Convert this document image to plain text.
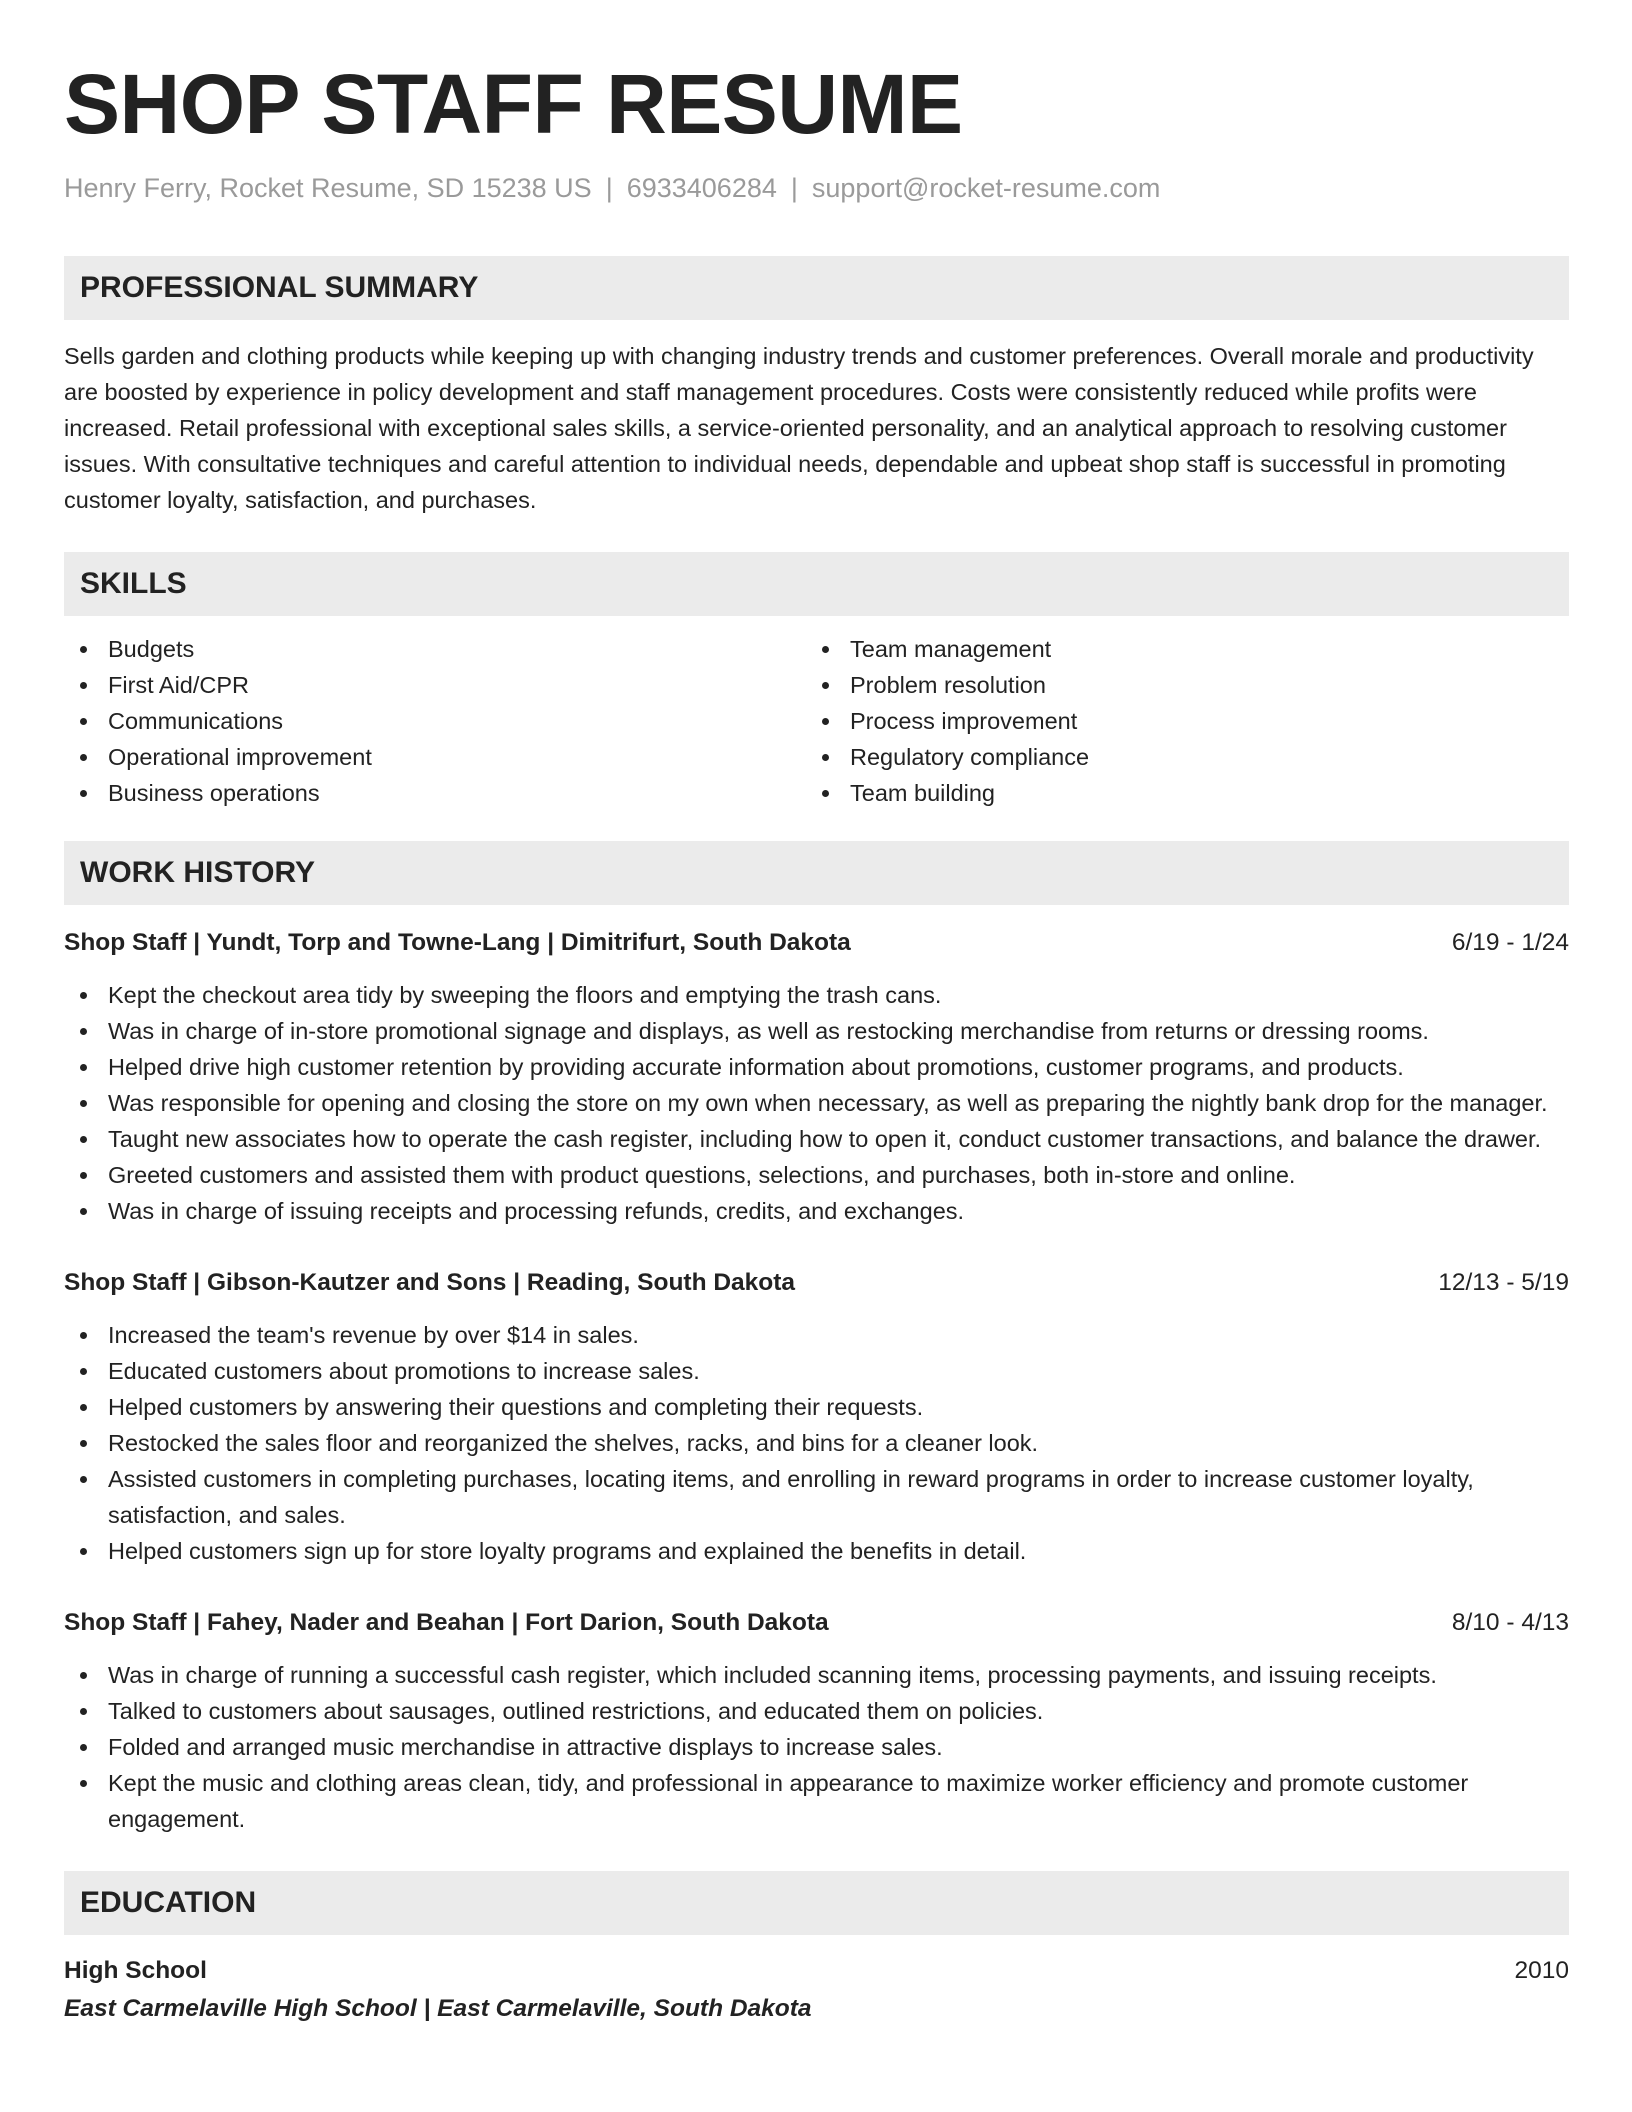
SHOP STAFF RESUME
Henry Ferry, Rocket Resume, SD 15238 US | 6933406284 | support@rocket-resume.com
PROFESSIONAL SUMMARY

Sells garden and clothing products while keeping up with changing industry trends and customer preferences. Overall morale and productivity are boosted by experience in policy development and staff management procedures. Costs were consistently reduced while profits were increased. Retail professional with exceptional sales skills, a service-oriented personality, and an analytical approach to resolving customer issues. With consultative techniques and careful attention to individual needs, dependable and upbeat shop staff is successful in promoting customer loyalty, satisfaction, and purchases.

SKILLS
Budgets
First Aid/CPR
Communications
Operational improvement
Business operations
Team management
Problem resolution
Process improvement
Regulatory compliance
Team building
WORK HISTORY
Shop Staff | Yundt, Torp and Towne-Lang | Dimitrifurt, South Dakota	6/19 - 1/24
Kept the checkout area tidy by sweeping the floors and emptying the trash cans.
Was in charge of in-store promotional signage and displays, as well as restocking merchandise from returns or dressing rooms.
Helped drive high customer retention by providing accurate information about promotions, customer programs, and products.
Was responsible for opening and closing the store on my own when necessary, as well as preparing the nightly bank drop for the manager.
Taught new associates how to operate the cash register, including how to open it, conduct customer transactions, and balance the drawer.
Greeted customers and assisted them with product questions, selections, and purchases, both in-store and online.
Was in charge of issuing receipts and processing refunds, credits, and exchanges.
Shop Staff | Gibson-Kautzer and Sons | Reading, South Dakota	12/13 - 5/19
Increased the team's revenue by over $14 in sales.
Educated customers about promotions to increase sales.
Helped customers by answering their questions and completing their requests.
Restocked the sales floor and reorganized the shelves, racks, and bins for a cleaner look.
Assisted customers in completing purchases, locating items, and enrolling in reward programs in order to increase customer loyalty, satisfaction, and sales.
Helped customers sign up for store loyalty programs and explained the benefits in detail.
Shop Staff | Fahey, Nader and Beahan | Fort Darion, South Dakota	8/10 - 4/13
Was in charge of running a successful cash register, which included scanning items, processing payments, and issuing receipts.
Talked to customers about sausages, outlined restrictions, and educated them on policies.
Folded and arranged music merchandise in attractive displays to increase sales.
Kept the music and clothing areas clean, tidy, and professional in appearance to maximize worker efficiency and promote customer engagement.
EDUCATION
High School	2010
East Carmelaville High School | East Carmelaville, South Dakota
